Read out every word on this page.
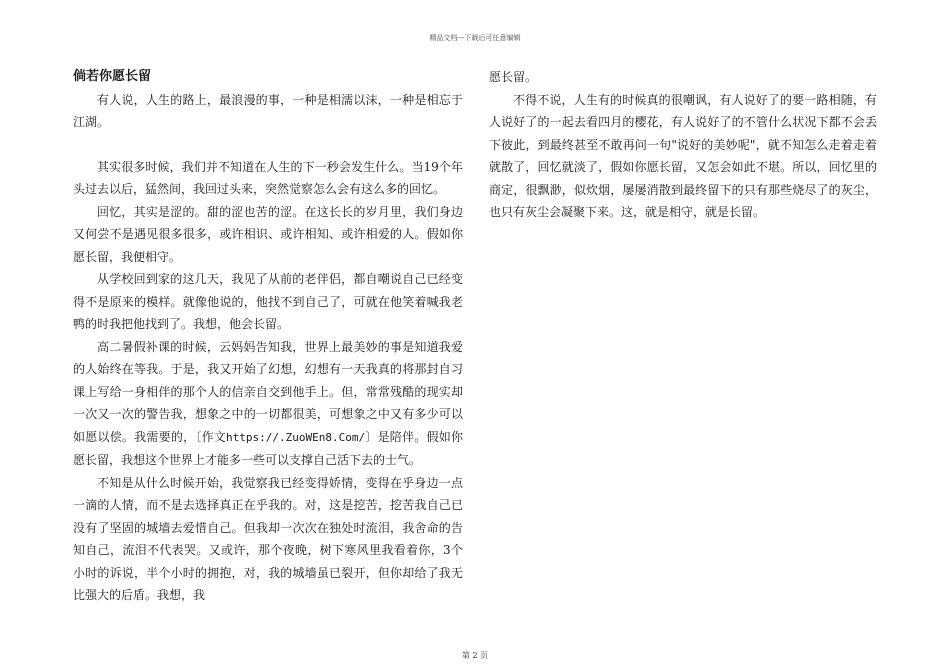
精品文档---下载后可任意编辑

倘若你愿长留

有人说，人生的路上，最浪漫的事，一种是相濡以沫，一种是相忘于江湖。

其实很多时候，我们并不知道在人生的下一秒会发生什么。当19个年头过去以后，猛然间，我回过头来，突然觉察怎么会有这么多的回忆。

回忆，其实是涩的。甜的涩也苦的涩。在这长长的岁月里，我们身边又何尝不是遇见很多很多，或许相识、或许相知、或许相爱的人。假如你愿长留，我便相守。

从学校回到家的这几天，我见了从前的老伴侣，都自嘲说自己已经变得不是原来的模样。就像他说的，他找不到自己了，可就在他笑着喊我老鸭的时我把他找到了。我想，他会长留。

高二暑假补课的时候，云妈妈告知我，世界上最美妙的事是知道我爱的人始终在等我。于是，我又开始了幻想，幻想有一天我真的将那封自习课上写给一身相伴的那个人的信亲自交到他手上。但，常常残酷的现实却一次又一次的警告我，想象之中的一切都很美，可想象之中又有多少可以如愿以偿。我需要的，〔作文https://.ZuoWEn8.Com/〕是陪伴。假如你愿长留，我想这个世界上才能多一些可以支撑自己活下去的士气。

不知是从什么时候开始，我觉察我已经变得娇情，变得在乎身边一点一滴的人情，而不是去选择真正在乎我的。对，这是挖苦，挖苦我自己已没有了坚固的城墙去爱惜自己。但我却一次次在独处时流泪，我舍命的告知自己，流泪不代表哭。又或许，那个夜晚，树下寒风里我看着你，3个小时的诉说，半个小时的拥抱，对，我的城墙虽已裂开，但你却给了我无比强大的后盾。我想，我

愿长留。

不得不说，人生有的时候真的很嘲讽，有人说好了的要一路相随，有人说好了的一起去看四月的樱花，有人说好了的不管什么状况下都不会丢下彼此，到最终甚至不敢再问一句"说好的美妙呢"，就不知怎么走着走着就散了，回忆就淡了，假如你愿长留，又怎会如此不堪。所以，回忆里的商定，很飘渺，似炊烟，屡屡消散到最终留下的只有那些烧尽了的灰尘，也只有灰尘会凝聚下来。这，就是相守，就是长留。

第 2 页
